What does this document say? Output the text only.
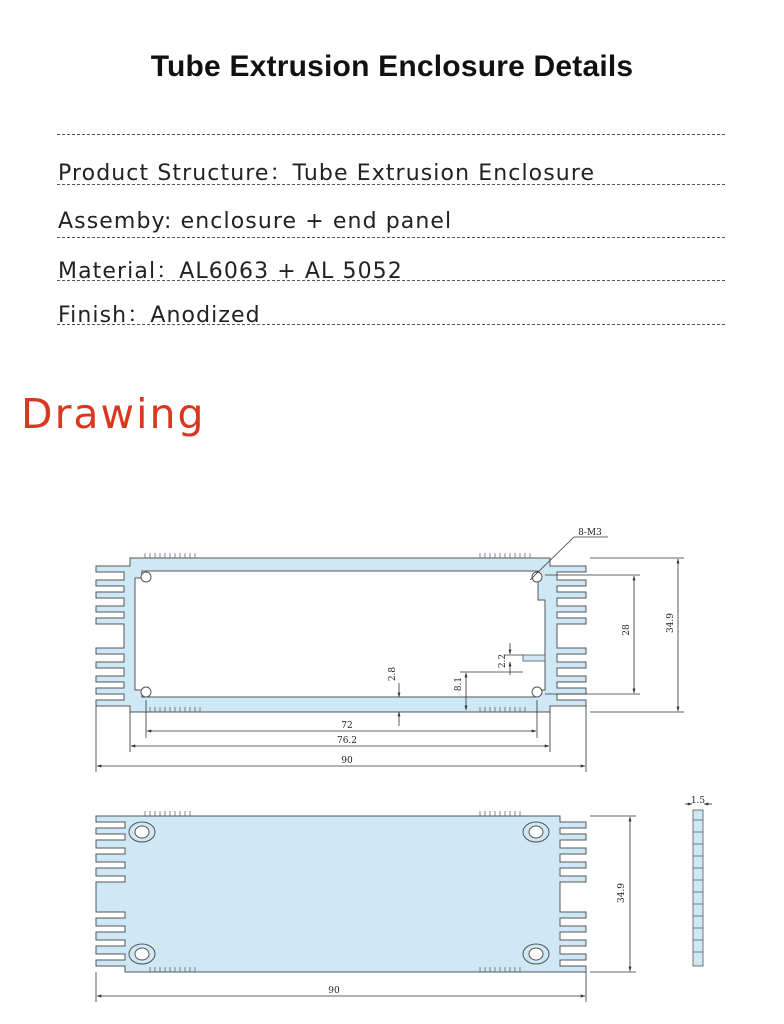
Tube Extrusion Enclosure Details
Product Structure：Tube Extrusion Enclosure
Assemby: enclosure + end panel
Material：AL6063 + AL 5052
Finish：Anodized
Drawing
8-M3
28	34.9
2.8
8.1
2.2
72
76.2
90
34.9
90
1.5
